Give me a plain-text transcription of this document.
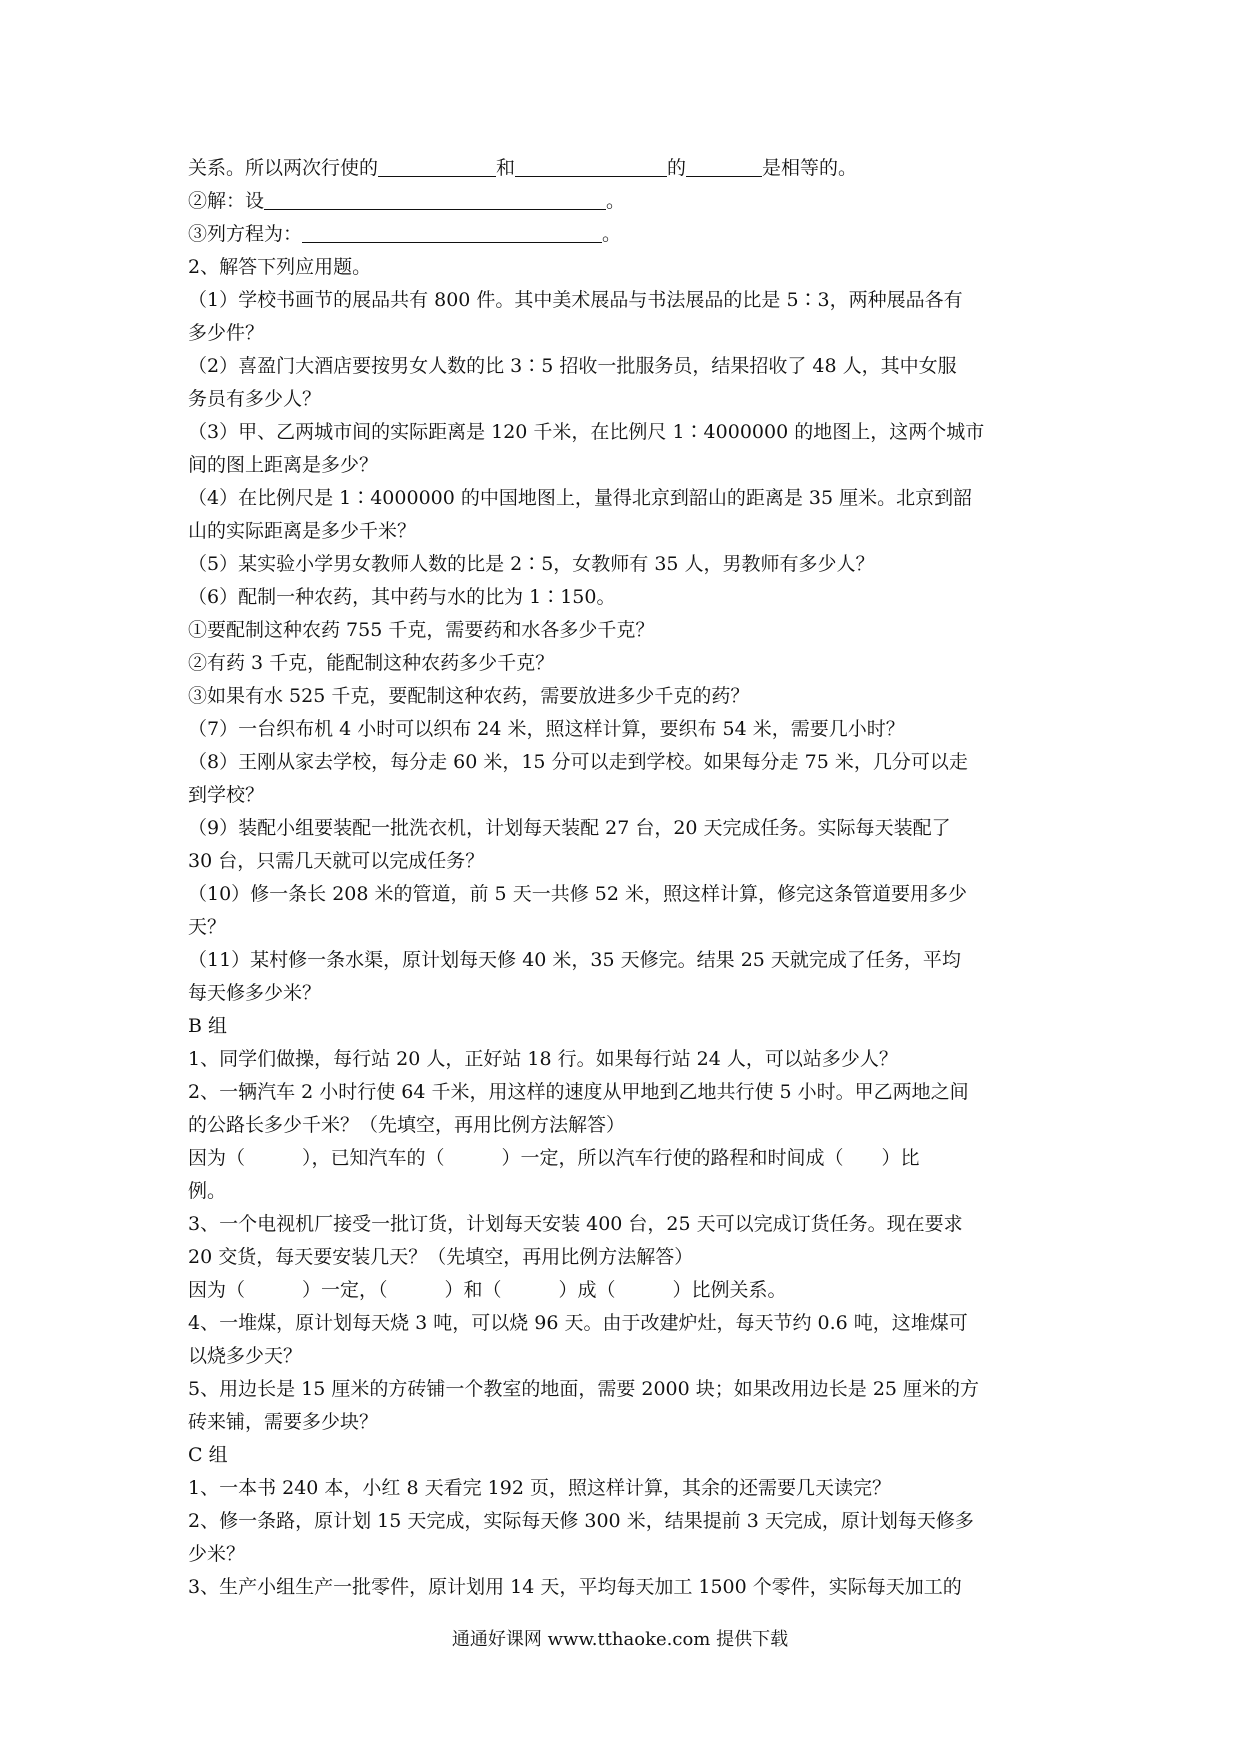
关系。所以两次行使的	和	的	是相等的。
②解：设	。
③列方程为：	。
2、解答下列应用题。
（1）学校书画节的展品共有 800 件。其中美术展品与书法展品的比是 5∶3，两种展品各有
多少件？
（2）喜盈门大酒店要按男女人数的比 3∶5 招收一批服务员，结果招收了 48 人，其中女服
务员有多少人？
（3）甲、乙两城市间的实际距离是 120 千米，在比例尺 1∶4000000 的地图上，这两个城市
间的图上距离是多少？
（4）在比例尺是 1∶4000000 的中国地图上，量得北京到韶山的距离是 35 厘米。北京到韶
山的实际距离是多少千米？
（5）某实验小学男女教师人数的比是 2∶5，女教师有 35 人，男教师有多少人？
（6）配制一种农药，其中药与水的比为 1∶150。
①要配制这种农药 755 千克，需要药和水各多少千克？
②有药 3 千克，能配制这种农药多少千克？
③如果有水 525 千克，要配制这种农药，需要放进多少千克的药？
（7）一台织布机 4 小时可以织布 24 米，照这样计算，要织布 54 米，需要几小时？
（8）王刚从家去学校，每分走 60 米，15 分可以走到学校。如果每分走 75 米，几分可以走
到学校？
（9）装配小组要装配一批洗衣机，计划每天装配 27 台，20 天完成任务。实际每天装配了
30 台，只需几天就可以完成任务？
（10）修一条长 208 米的管道，前 5 天一共修 52 米，照这样计算，修完这条管道要用多少
天？
（11）某村修一条水渠，原计划每天修 40 米，35 天修完。结果 25 天就完成了任务，平均
每天修多少米？
B 组
1、同学们做操，每行站 20 人，正好站 18 行。如果每行站 24 人，可以站多少人？
2、一辆汽车 2 小时行使 64 千米，用这样的速度从甲地到乙地共行使 5 小时。甲乙两地之间
的公路长多少千米？（先填空，再用比例方法解答）
因为（　　　），已知汽车的（　　　）一定，所以汽车行使的路程和时间成（　　）比
例。
3、一个电视机厂接受一批订货，计划每天安装 400 台，25 天可以完成订货任务。现在要求
20 交货，每天要安装几天？（先填空，再用比例方法解答）
因为（　　　）一定，（　　　）和（　　　）成（　　　）比例关系。
4、一堆煤，原计划每天烧 3 吨，可以烧 96 天。由于改建炉灶，每天节约 0.6 吨，这堆煤可
以烧多少天？
5、用边长是 15 厘米的方砖铺一个教室的地面，需要 2000 块；如果改用边长是 25 厘米的方
砖来铺，需要多少块？
C 组
1、一本书 240 本，小红 8 天看完 192 页，照这样计算，其余的还需要几天读完？
2、修一条路，原计划 15 天完成，实际每天修 300 米，结果提前 3 天完成，原计划每天修多
少米？
3、生产小组生产一批零件，原计划用 14 天，平均每天加工 1500 个零件，实际每天加工的
通通好课网 www.tthaoke.com 提供下载
